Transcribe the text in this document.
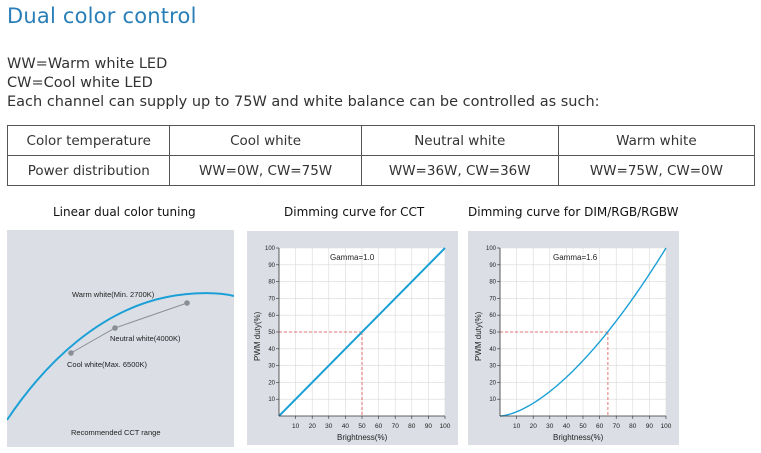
Dual color control
WW=Warm white LED
CW=Cool white LED
Each channel can supply up to 75W and white balance can be controlled as such:
Color temperature	Cool white	Neutral white	Warm white
Power distribution	WW=0W, CW=75W	WW=36W, CW=36W	WW=75W, CW=0W
Linear dual color tuning	Dimming curve for CCT	Dimming curve for DIM/RGB/RGBW
Warm white(Min. 2700K)
Neutral white(4000K)
Cool white(Max. 6500K)
Recommended CCT range
10 20 30 40 50 60 70 80 90 100
10
20
30
40
50
60
70
80
90
100
Gamma=1.0
Brightness(%)
PWM duty(%)
10 20 30 40 50 60 70 80 90 100
10
20
30
40
50
60
70
80
90
100
Gamma=1.6
Brightness(%)
PWM duty(%)
